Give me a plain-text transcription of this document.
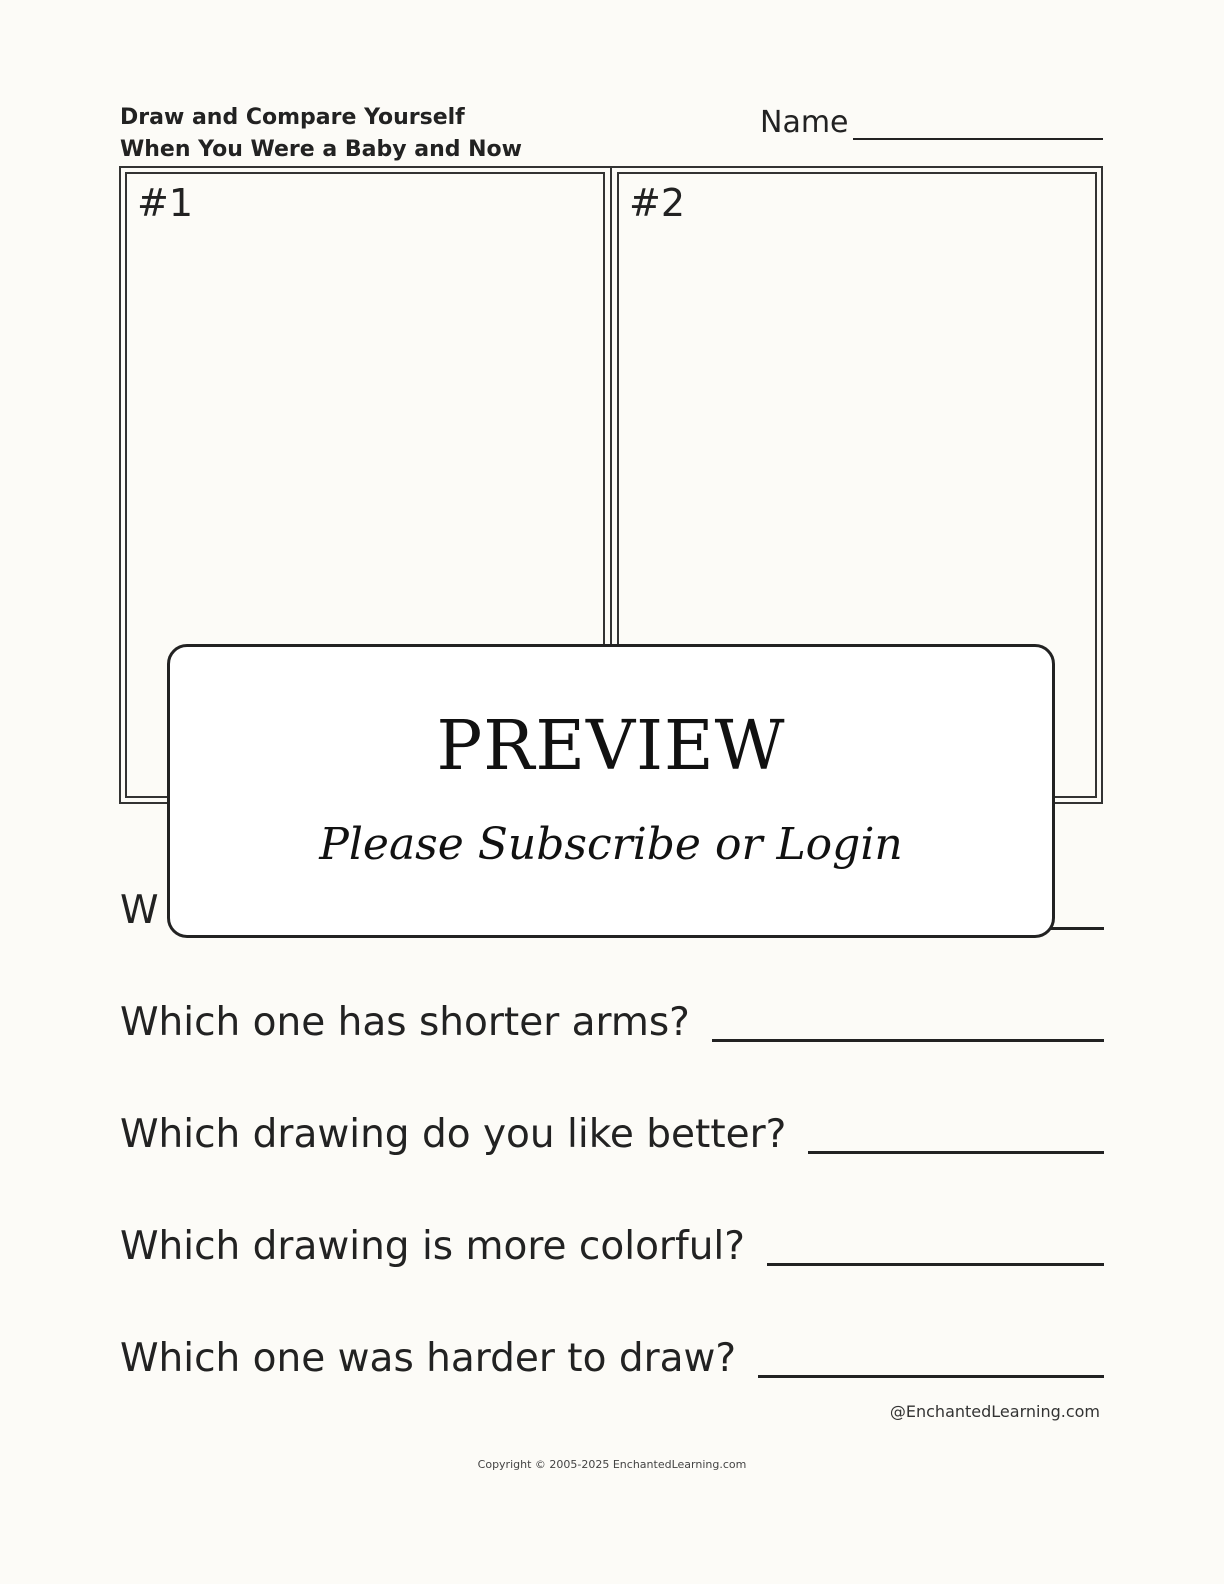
Draw and Compare Yourself
When You Were a Baby and Now
Name
#1	#2
W
Which one has shorter arms?
Which drawing do you like better?
Which drawing is more colorful?
Which one was harder to draw?
PREVIEW
Please Subscribe or Login
@EnchantedLearning.com
Copyright © 2005-2025 EnchantedLearning.com
